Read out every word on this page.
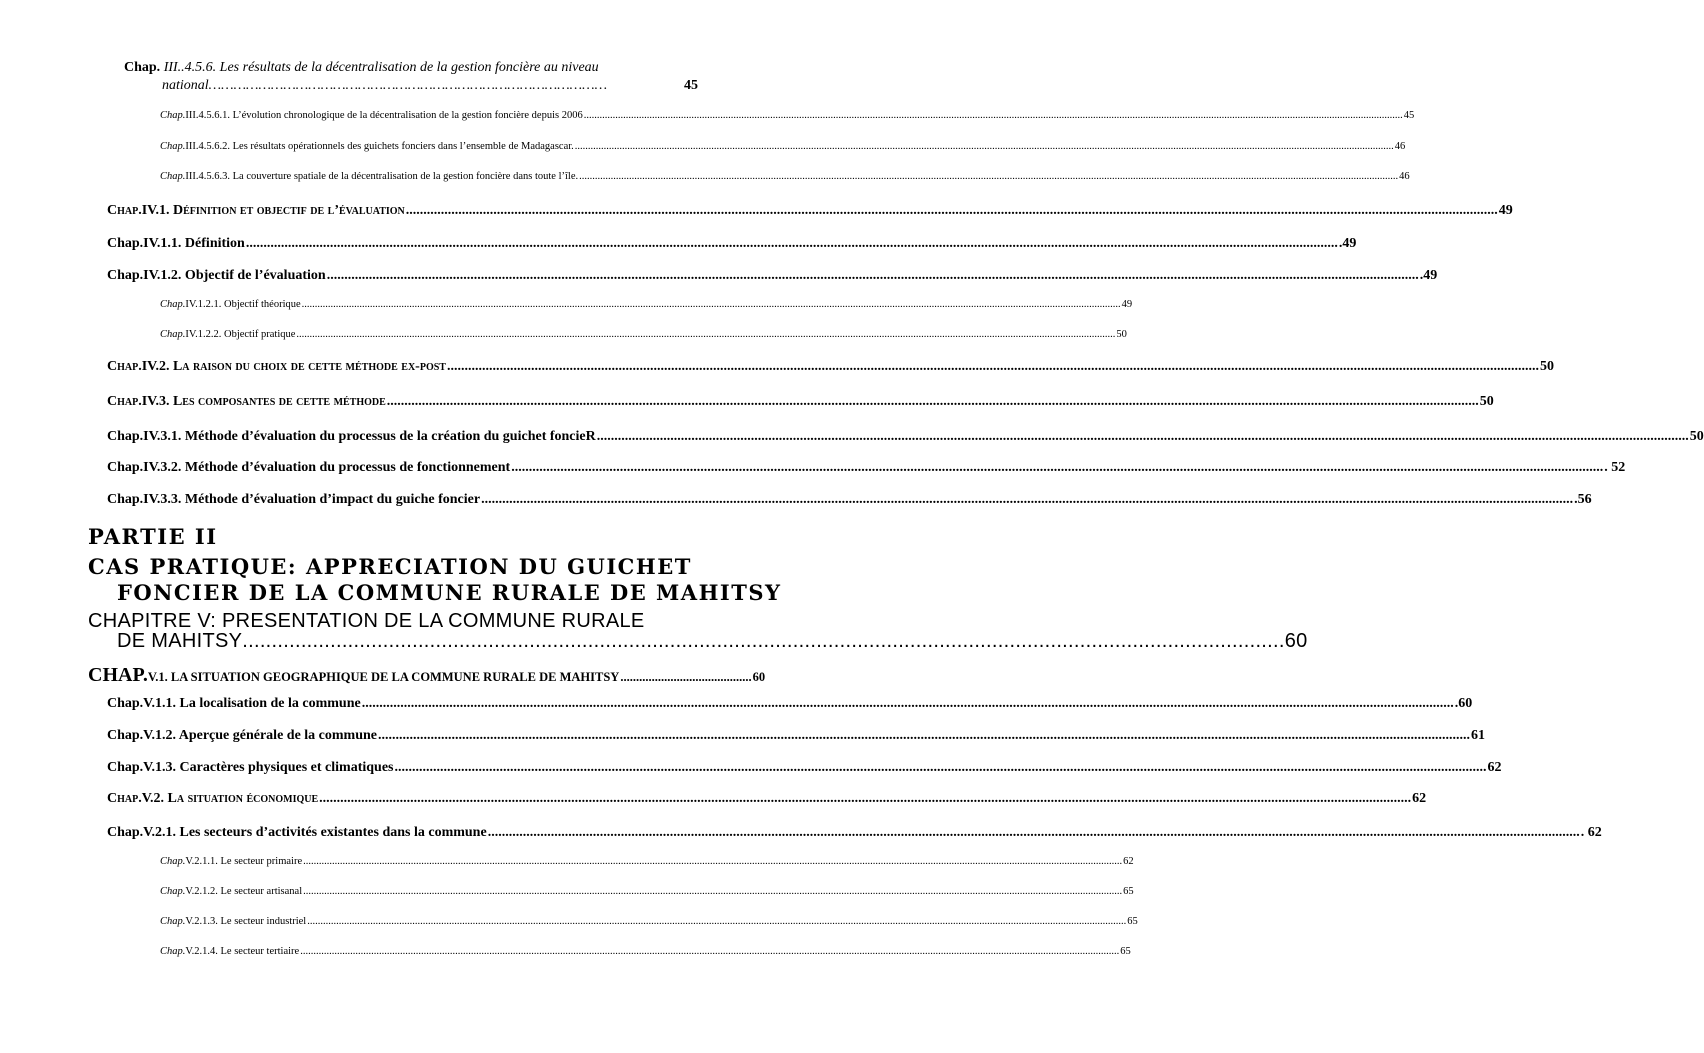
Chap. III..4.5.6. Les résultats de la décentralisation de la gestion foncière au niveau
national……………………………………………………………………………………	45
Chap.III.4.5.6.1. L’évolution chronologique de la décentralisation de la gestion foncière depuis 2006 .....	45
Chap.III.4.5.6.2. Les résultats opérationnels des guichets fonciers dans l’ensemble de Madagascar. .....	46
Chap.III.4.5.6.3. La couverture spatiale de la décentralisation de la gestion foncière dans toute l’île. .....	46
Chap.IV.1. Définition et objectif de l’évaluation .....	49
Chap.IV.1.1. Définition .....	.49
Chap.IV.1.2. Objectif de l’évaluation .....	.49
Chap.IV.1.2.1. Objectif théorique .....	49
Chap.IV.1.2.2. Objectif pratique .....	50
Chap.IV.2. La raison du choix de cette méthode ex-post .....	50
Chap.IV.3. Les composantes de cette méthode .....	50
Chap.IV.3.1. Méthode d’évaluation du processus de la création du guichet foncieR .....	50
Chap.IV.3.2. Méthode d’évaluation du processus de fonctionnement .....	. 52
Chap.IV.3.3. Méthode d’évaluation d’impact du guiche foncier .....	.56
PARTIE II
CAS PRATIQUE: APPRECIATION DU GUICHET
FONCIER DE LA COMMUNE RURALE DE MAHITSY
CHAPITRE V: PRESENTATION DE LA COMMUNE RURALE
DE MAHITSY .................................................................................................................................................................................. 60
CHAP. V.1. LA SITUATION GEOGRAPHIQUE DE LA COMMUNE RURALE DE MAHITSY .......................................... 60
Chap.V.1.1. La localisation de la commune .....	.60
Chap.V.1.2. Aperçue générale de la commune .....	61
Chap.V.1.3. Caractères physiques et climatiques .....	62
Chap.V.2. La situation économique .....	62
Chap.V.2.1. Les secteurs d’activités existantes dans la commune .....	. 62
Chap.V.2.1.1. Le secteur primaire .....	62
Chap.V.2.1.2. Le secteur artisanal .....	65
Chap.V.2.1.3. Le secteur industriel .....	65
Chap.V.2.1.4. Le secteur tertiaire .....	65
